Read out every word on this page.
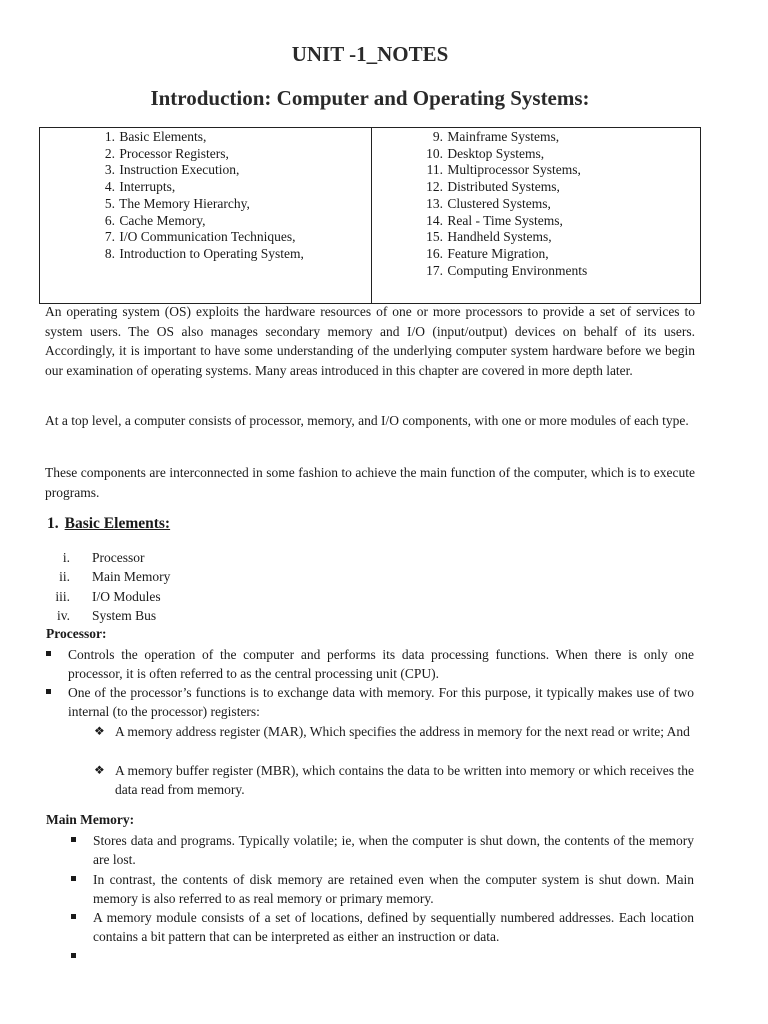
UNIT -1_NOTES
Introduction: Computer and Operating Systems:
1. Basic Elements,
2. Processor Registers,
3. Instruction Execution,
4. Interrupts,
5. The Memory Hierarchy,
6. Cache Memory,
7. I/O Communication Techniques,
8. Introduction to Operating System,
9. Mainframe Systems,
10. Desktop Systems,
11. Multiprocessor Systems,
12. Distributed Systems,
13. Clustered Systems,
14. Real - Time Systems,
15. Handheld Systems,
16. Feature Migration,
17. Computing Environments

An operating system (OS) exploits the hardware resources of one or more processors to provide a set of services to system users. The OS also manages secondary memory and I/O (input/output) devices on behalf of its users. Accordingly, it is important to have some understanding of the underlying computer system hardware before we begin our examination of operating systems. Many areas introduced in this chapter are covered in more depth later.

At a top level, a computer consists of processor, memory, and I/O components, with one or more modules of each type.

These components are interconnected in some fashion to achieve the main function of the computer, which is to execute programs.

1. Basic Elements:
i. Processor
ii. Main Memory
iii. I/O Modules
iv. System Bus
Processor:

Controls the operation of the computer and performs its data processing functions. When there is only one processor, it is often referred to as the central processing unit (CPU).

One of the processor’s functions is to exchange data with memory. For this purpose, it typically makes use of two internal (to the processor) registers:

❖ A memory address register (MAR), Which specifies the address in memory for the next read or write; And

❖ A memory buffer register (MBR), which contains the data to be written into memory or which receives the data read from memory.

Main Memory:

Stores data and programs. Typically volatile; ie, when the computer is shut down, the contents of the memory are lost.

In contrast, the contents of disk memory are retained even when the computer system is shut down. Main memory is also referred to as real memory or primary memory.

A memory module consists of a set of locations, defined by sequentially numbered addresses. Each location contains a bit pattern that can be interpreted as either an instruction or data.
